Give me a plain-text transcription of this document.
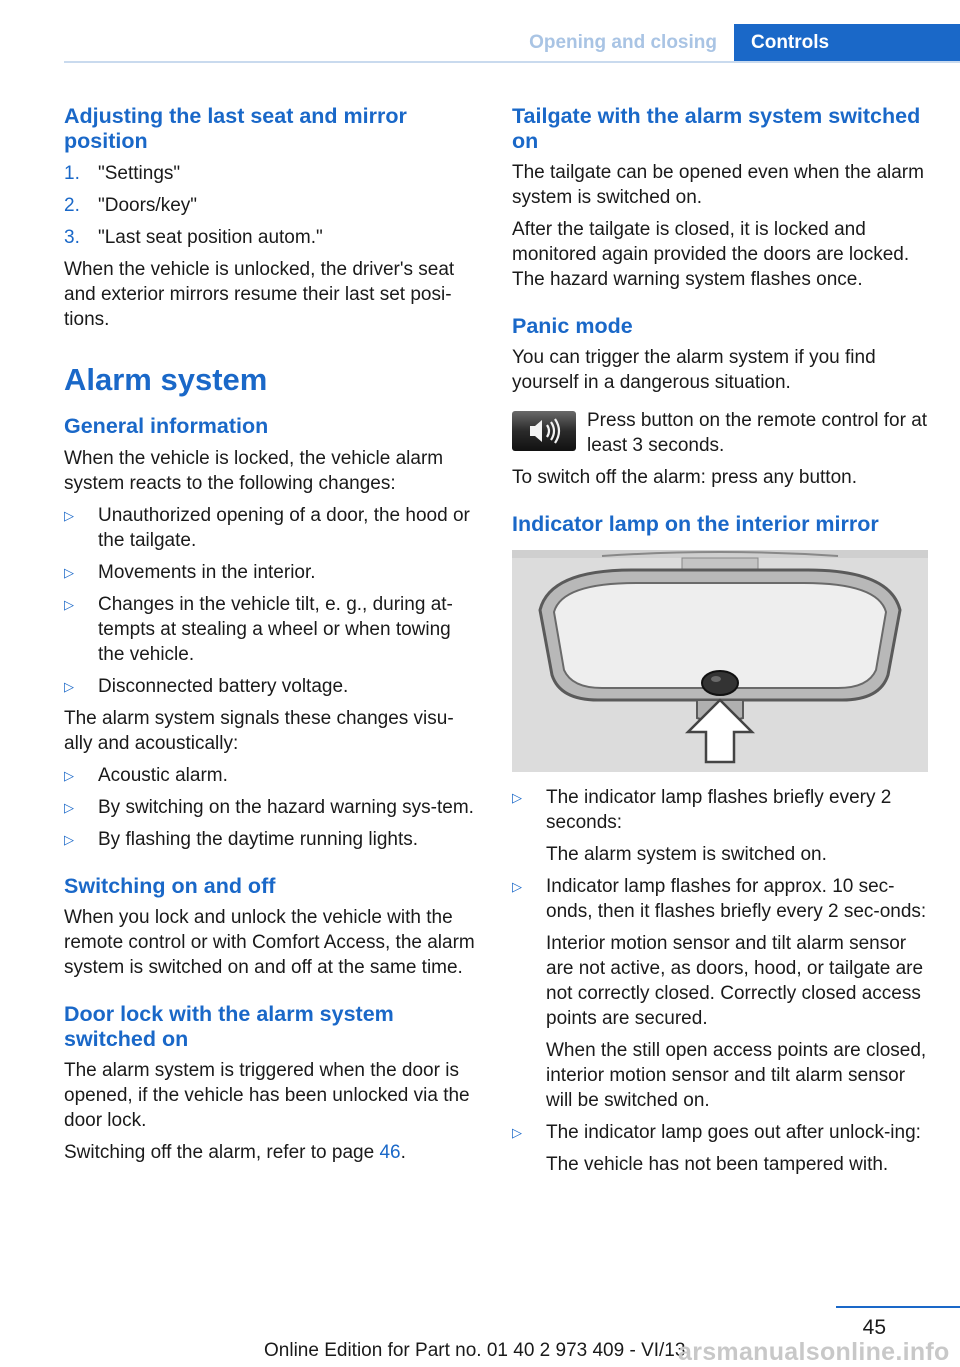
Opening and closing	Controls
Adjusting the last seat and mirror position
1. "Settings"
2. "Doors/key"
3. "Last seat position autom."

When the vehicle is unlocked, the driver's seat and exterior mirrors resume their last set posi‐tions.

Alarm system
General information

When the vehicle is locked, the vehicle alarm system reacts to the following changes:

▷	Unauthorized opening of a door, the hood or the tailgate.
▷	Movements in the interior.
▷	Changes in the vehicle tilt, e. g., during at‐tempts at stealing a wheel or when towing the vehicle.
▷	Disconnected battery voltage.

The alarm system signals these changes visu‐ally and acoustically:

▷	Acoustic alarm.
▷	By switching on the hazard warning sys‐tem.
▷	By flashing the daytime running lights.
Switching on and off

When you lock and unlock the vehicle with the remote control or with Comfort Access, the alarm system is switched on and off at the same time.

Door lock with the alarm system switched on

The alarm system is triggered when the door is opened, if the vehicle has been unlocked via the door lock.

Switching off the alarm, refer to page 46.

Tailgate with the alarm system switched on

The tailgate can be opened even when the alarm system is switched on.

After the tailgate is closed, it is locked and monitored again provided the doors are locked. The hazard warning system flashes once.

Panic mode

You can trigger the alarm system if you find yourself in a dangerous situation.

Press button on the remote control for at least 3 seconds.

To switch off the alarm: press any button.

Indicator lamp on the interior mirror
▷	The indicator lamp flashes briefly every 2 seconds:
The alarm system is switched on.
▷	Indicator lamp flashes for approx. 10 sec‐onds, then it flashes briefly every 2 sec‐onds:
Interior motion sensor and tilt alarm sensor are not active, as doors, hood, or tailgate are not correctly closed. Correctly closed access points are secured.
When the still open access points are closed, interior motion sensor and tilt alarm sensor will be switched on.
▷	The indicator lamp goes out after unlock‐ing:
The vehicle has not been tampered with.
45
Online Edition for Part no. 01 40 2 973 409 - VI/13
arsmanualsonline.info
